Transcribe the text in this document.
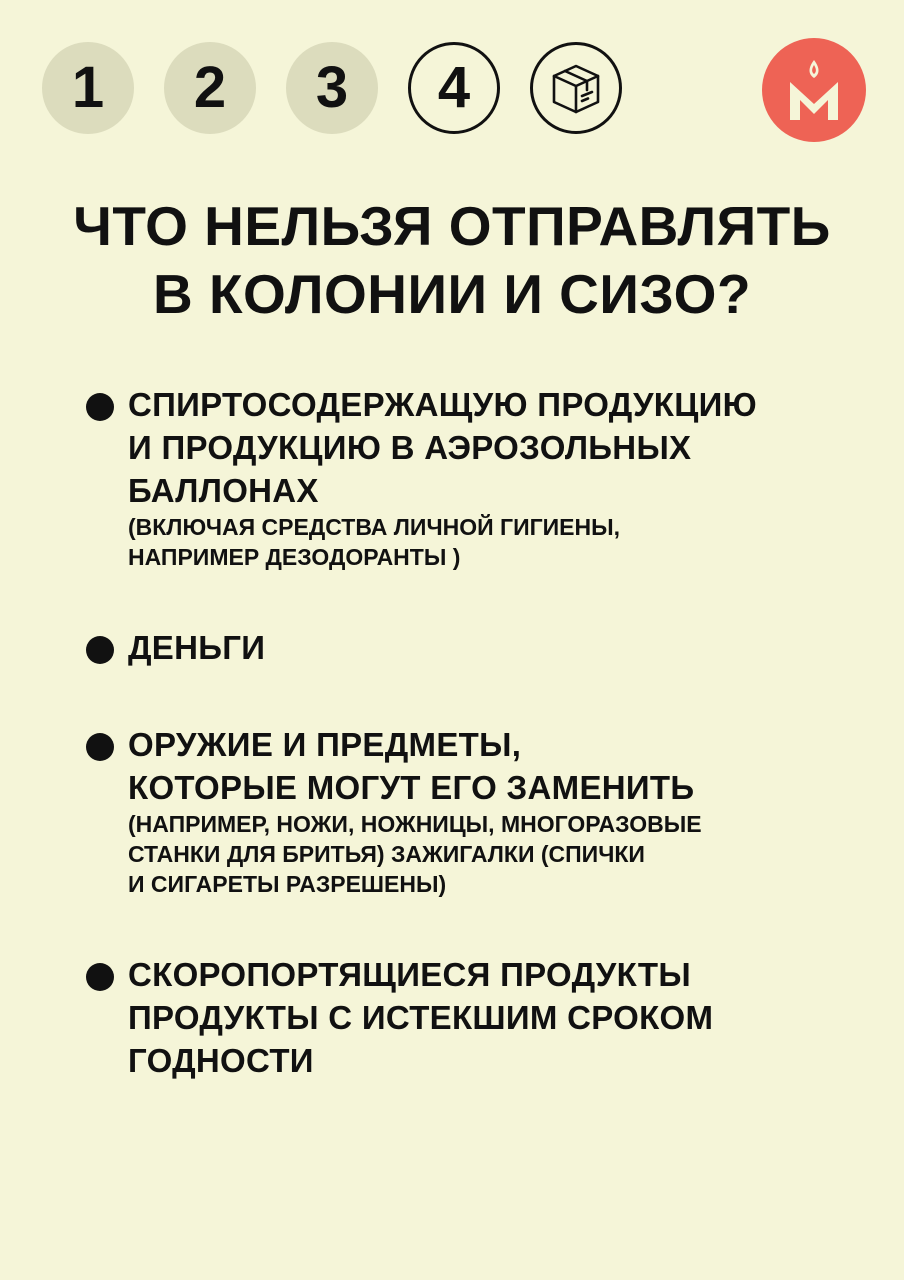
1 2 3 4
ЧТО НЕЛЬЗЯ ОТПРАВЛЯТЬ
В КОЛОНИИ И СИЗО?
СПИРТОСОДЕРЖАЩУЮ ПРОДУКЦИЮ
И ПРОДУКЦИЮ В АЭРОЗОЛЬНЫХ
БАЛЛОНАХ
(ВКЛЮЧАЯ СРЕДСТВА ЛИЧНОЙ ГИГИЕНЫ,
НАПРИМЕР ДЕЗОДОРАНТЫ )
ДЕНЬГИ
ОРУЖИЕ И ПРЕДМЕТЫ,
КОТОРЫЕ МОГУТ ЕГО ЗАМЕНИТЬ
(НАПРИМЕР, НОЖИ, НОЖНИЦЫ, МНОГОРАЗОВЫЕ
СТАНКИ ДЛЯ БРИТЬЯ) ЗАЖИГАЛКИ (СПИЧКИ
И СИГАРЕТЫ РАЗРЕШЕНЫ)
СКОРОПОРТЯЩИЕСЯ ПРОДУКТЫ
ПРОДУКТЫ С ИСТЕКШИМ СРОКОМ
ГОДНОСТИ
